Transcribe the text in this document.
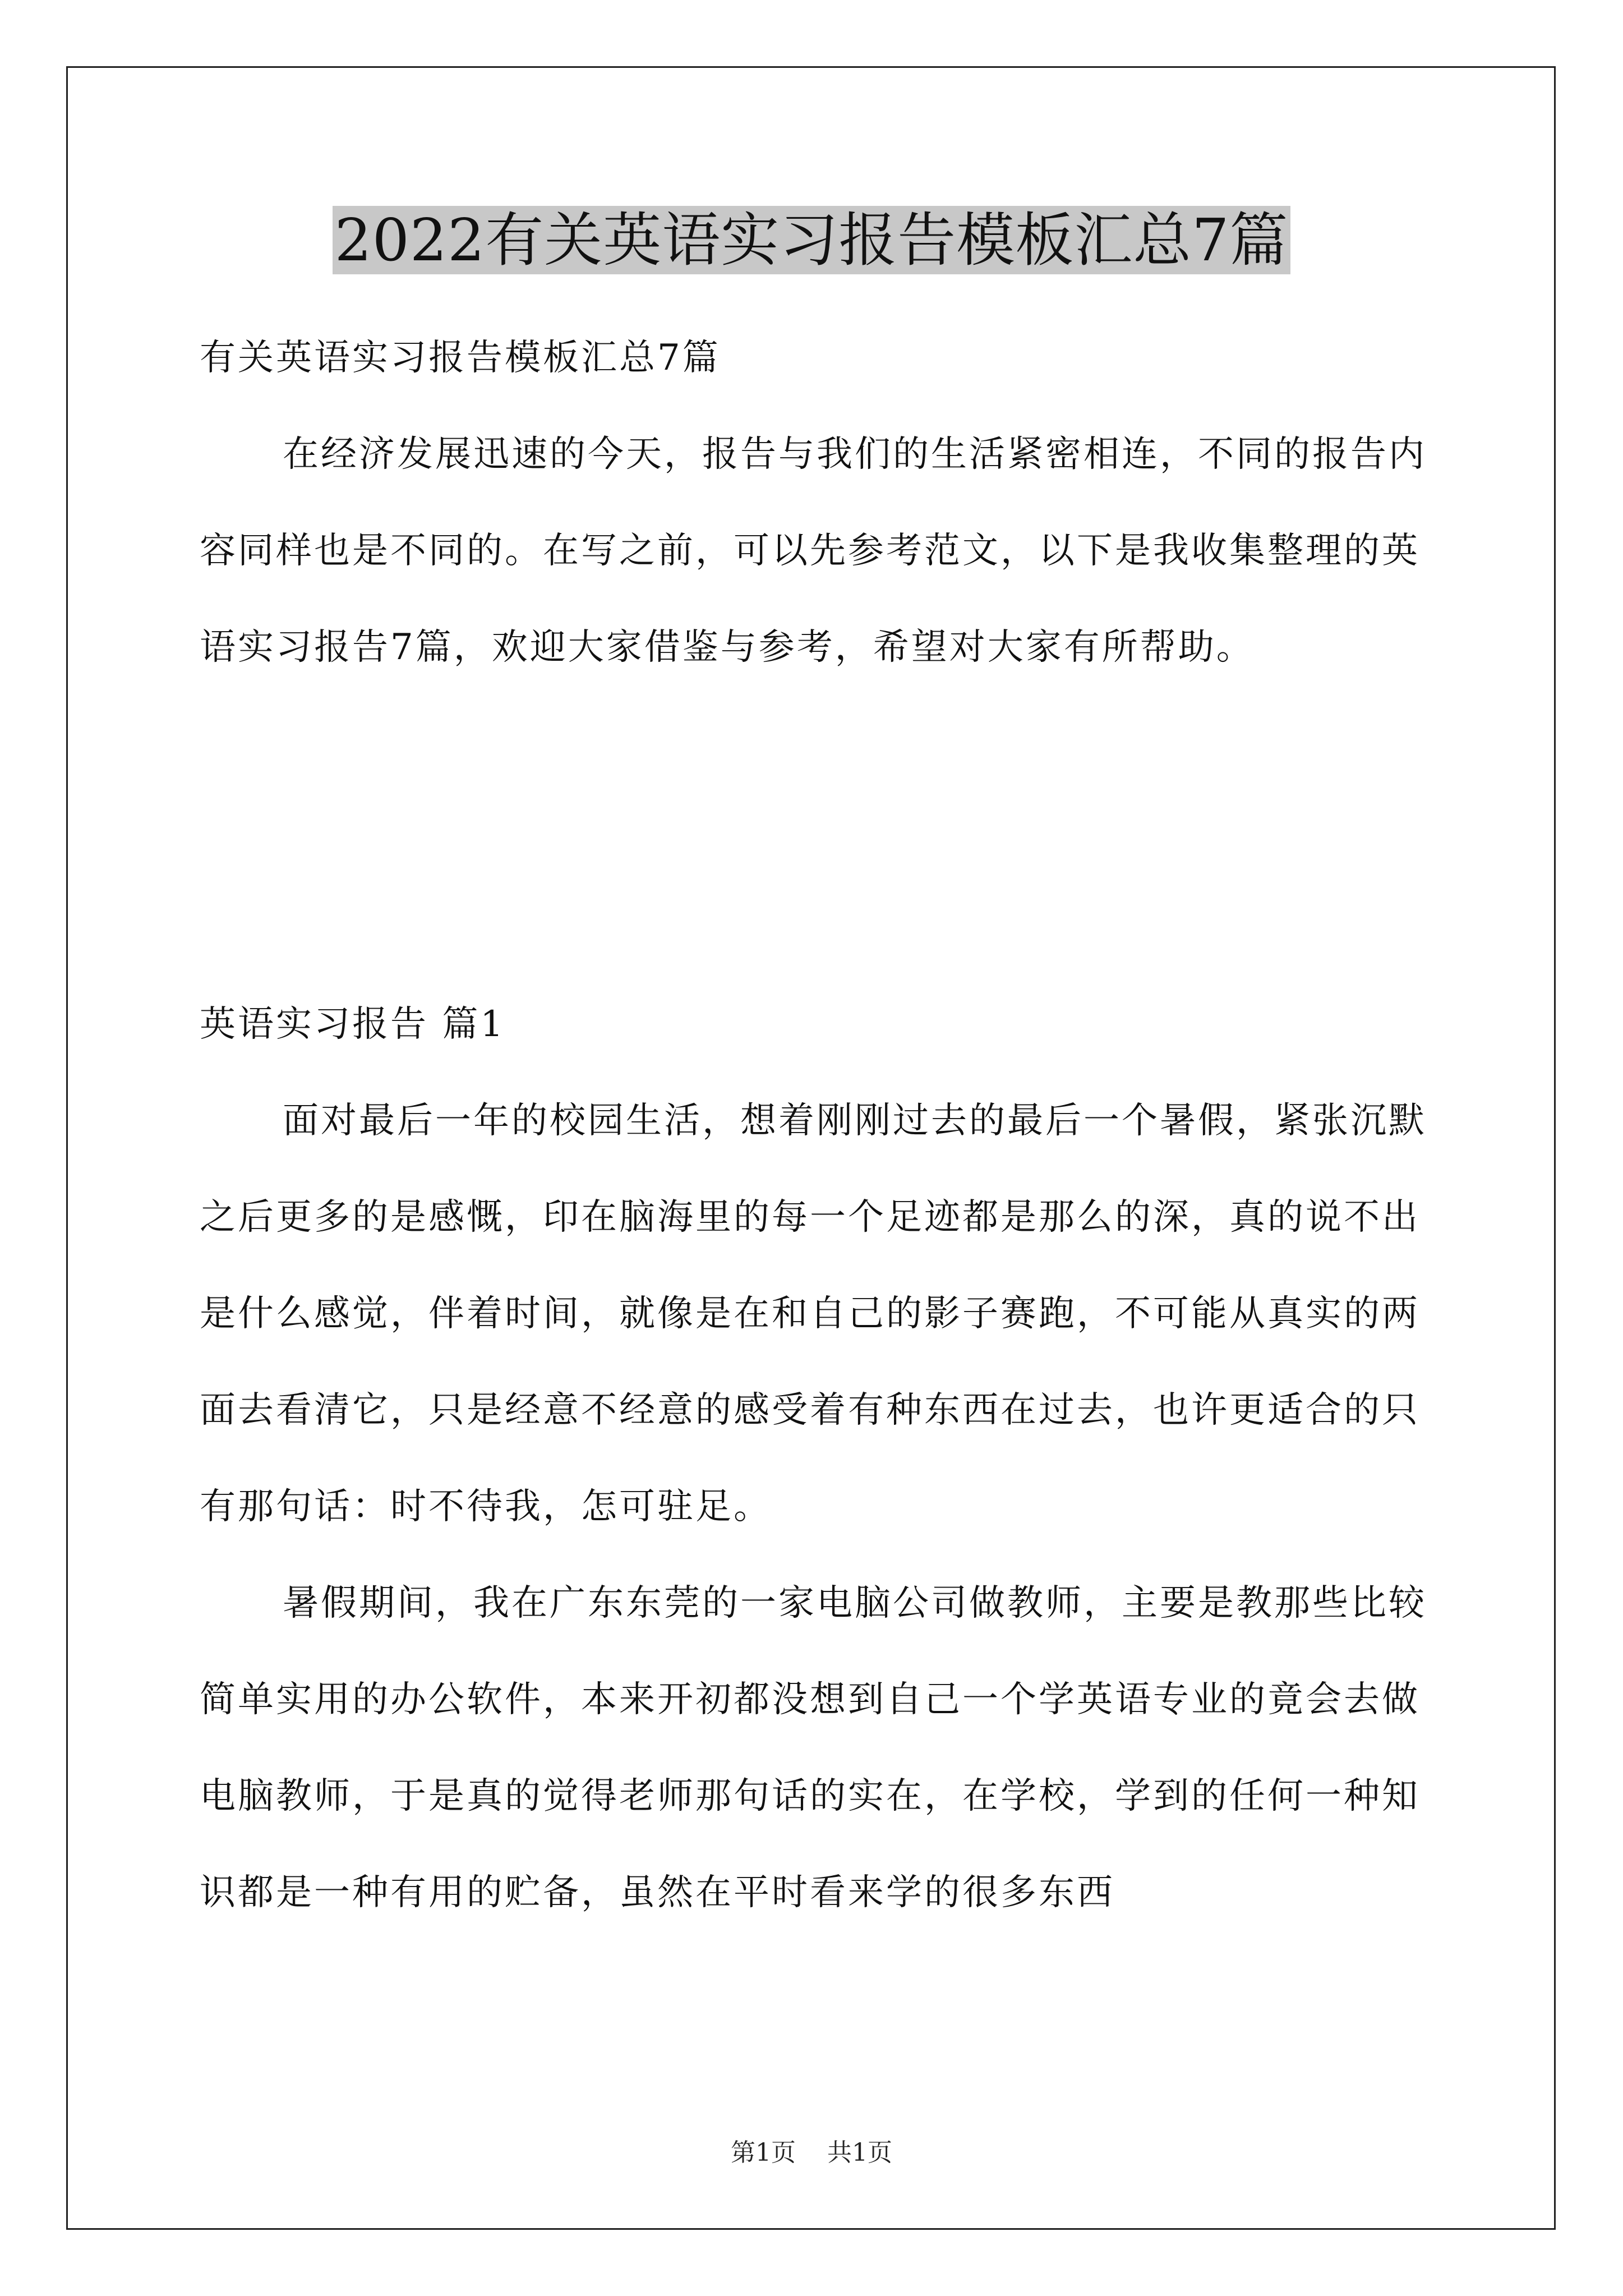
2022有关英语实习报告模板汇总7篇

有关英语实习报告模板汇总7篇

在经济发展迅速的今天，报告与我们的生活紧密相连，不同的报告内容同样也是不同的。在写之前，可以先参考范文，以下是我收集整理的英语实习报告7篇，欢迎大家借鉴与参考，希望对大家有所帮助。

英语实习报告 篇1

面对最后一年的校园生活，想着刚刚过去的最后一个暑假，紧张沉默之后更多的是感慨，印在脑海里的每一个足迹都是那么的深，真的说不出是什么感觉，伴着时间，就像是在和自己的影子赛跑，不可能从真实的两面去看清它，只是经意不经意的感受着有种东西在过去，也许更适合的只有那句话：时不待我，怎可驻足。

暑假期间，我在广东东莞的一家电脑公司做教师，主要是教那些比较简单实用的办公软件，本来开初都没想到自己一个学英语专业的竟会去做电脑教师，于是真的觉得老师那句话的实在，在学校，学到的任何一种知识都是一种有用的贮备，虽然在平时看来学的很多东西

第1页 共1页
